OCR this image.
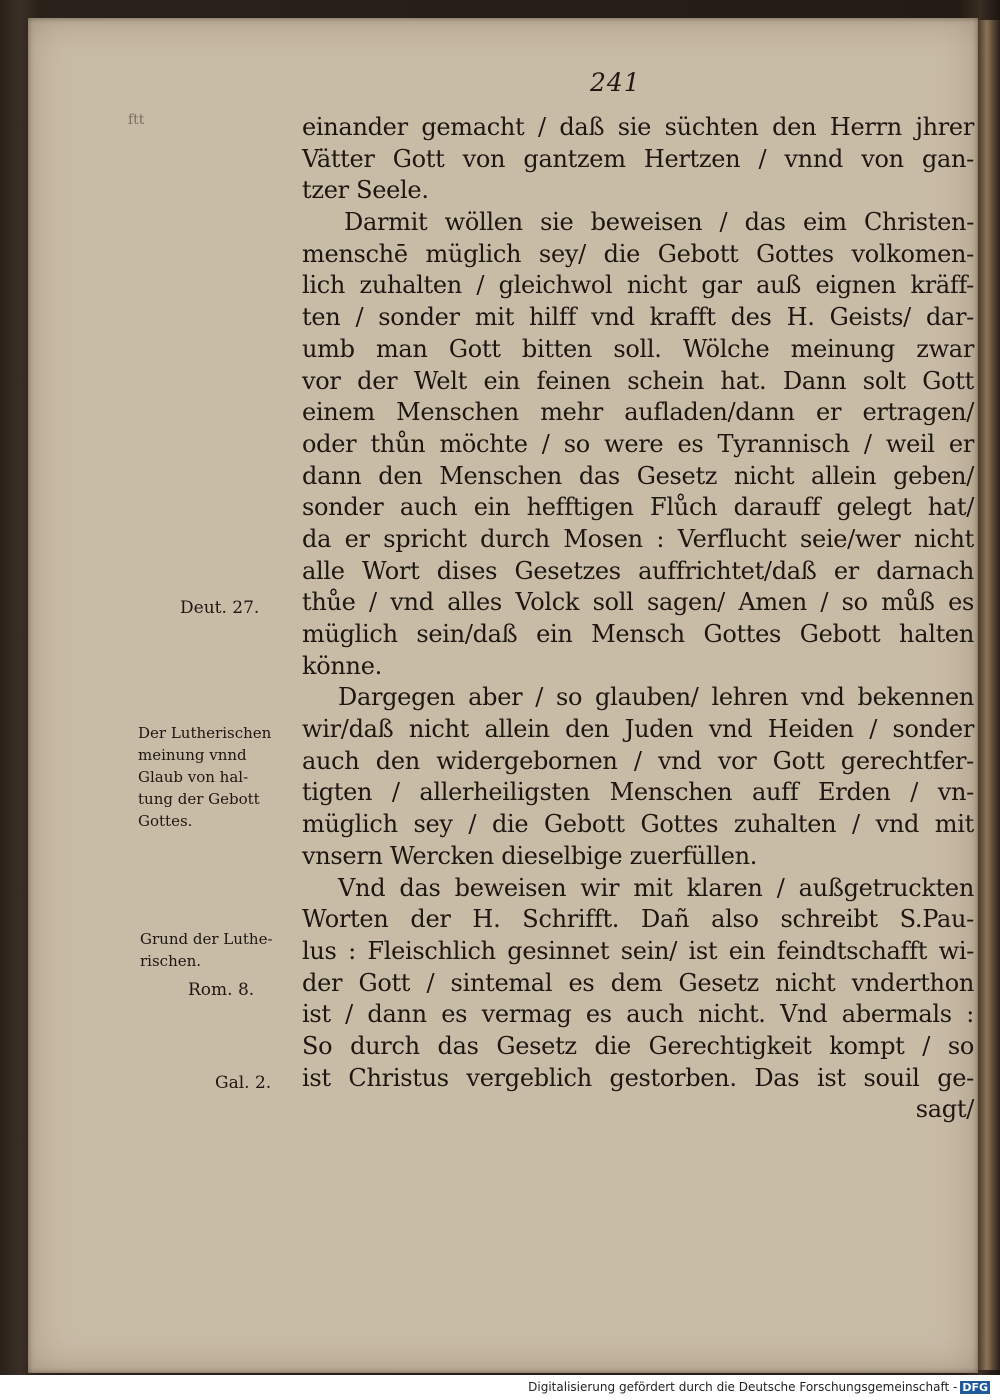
241
ftt	einander gemacht / daß sie süchten den Herrn jhrer
Vätter Gott von gantzem Hertzen / vnnd von gan-
tzer Seele.
Darmit wöllen sie beweisen / das eim Christen-
menschē müglich sey/ die Gebott Gottes volkomen-
lich zuhalten / gleichwol nicht gar auß eignen kräff-
ten / sonder mit hilff vnd krafft des H. Geists/ dar-
umb man Gott bitten soll. Wölche meinung zwar
vor der Welt ein feinen schein hat. Dann solt Gott
einem Menschen mehr aufladen/dann er ertragen/
oder thůn möchte / so were es Tyrannisch / weil er
dann den Menschen das Gesetz nicht allein geben/
sonder auch ein hefftigen Flůch darauff gelegt hat/
da er spricht durch Mosen : Verflucht seie/wer nicht
alle Wort dises Gesetzes auffrichtet/daß er darnach
thůe / vnd alles Volck soll sagen/ Amen / so můß es
müglich sein/daß ein Mensch Gottes Gebott halten
könne.
Dargegen aber / so glauben/ lehren vnd bekennen
wir/daß nicht allein den Juden vnd Heiden / sonder
auch den widergebornen / vnd vor Gott gerechtfer-
tigten / allerheiligsten Menschen auff Erden / vn-
müglich sey / die Gebott Gottes zuhalten / vnd mit
vnsern Wercken dieselbige zuerfüllen.
Vnd das beweisen wir mit klaren / außgetruckten
Worten der H. Schrifft. Dañ also schreibt S.Pau-
lus : Fleischlich gesinnet sein/ ist ein feindtschafft wi-
der Gott / sintemal es dem Gesetz nicht vnderthon
ist / dann es vermag es auch nicht. Vnd abermals :
So durch das Gesetz die Gerechtigkeit kompt / so
ist Christus vergeblich gestorben. Das ist souil ge-
sagt/
Deut. 27.
Der Lutherischen
meinung vnnd
Glaub von hal-
tung der Gebott
Gottes.
Grund der Luthe-
rischen.
Rom. 8.
Gal. 2.
Digitalisierung gefördert durch die Deutsche Forschungsgemeinschaft - DFG
